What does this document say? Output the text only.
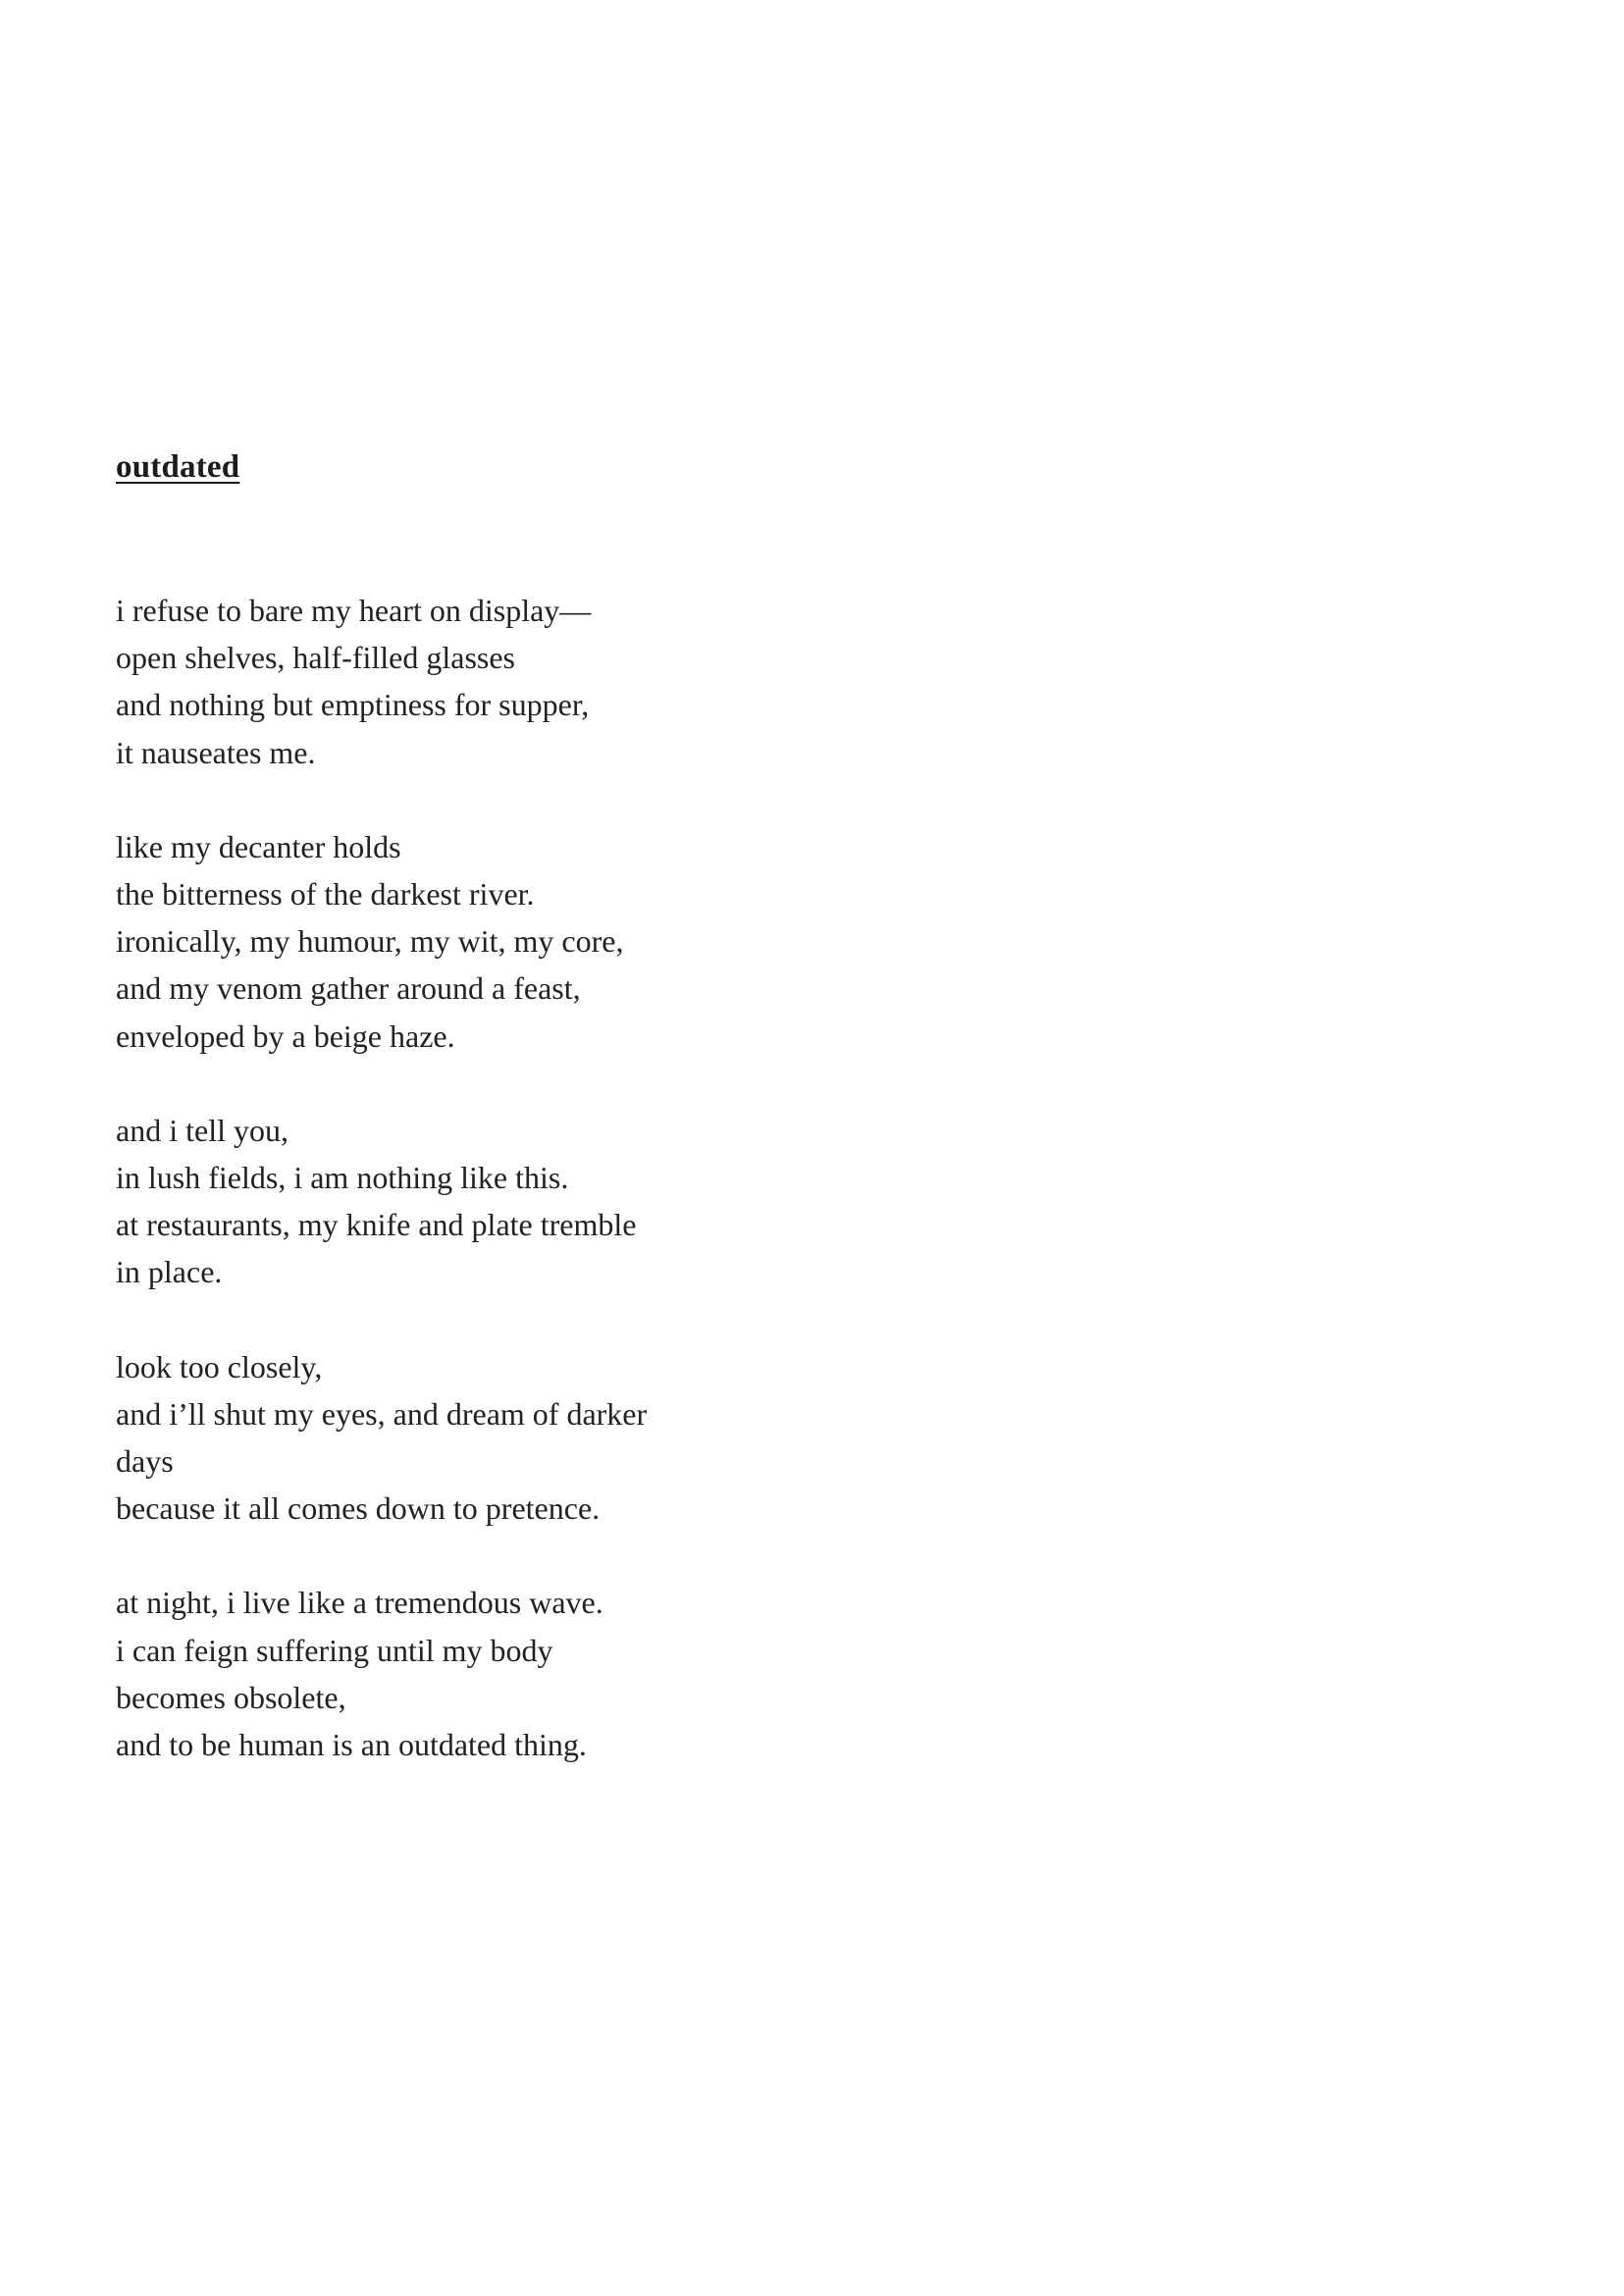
outdated

i refuse to bare my heart on display—
open shelves, half-filled glasses
and nothing but emptiness for supper,
it nauseates me.

like my decanter holds
the bitterness of the darkest river.
ironically, my humour, my wit, my core,
and my venom gather around a feast,
enveloped by a beige haze.

and i tell you,
in lush fields, i am nothing like this.
at restaurants, my knife and plate tremble
in place.

look too closely,
and i’ll shut my eyes, and dream of darker
days
because it all comes down to pretence.

at night, i live like a tremendous wave.
i can feign suffering until my body
becomes obsolete,
and to be human is an outdated thing.
